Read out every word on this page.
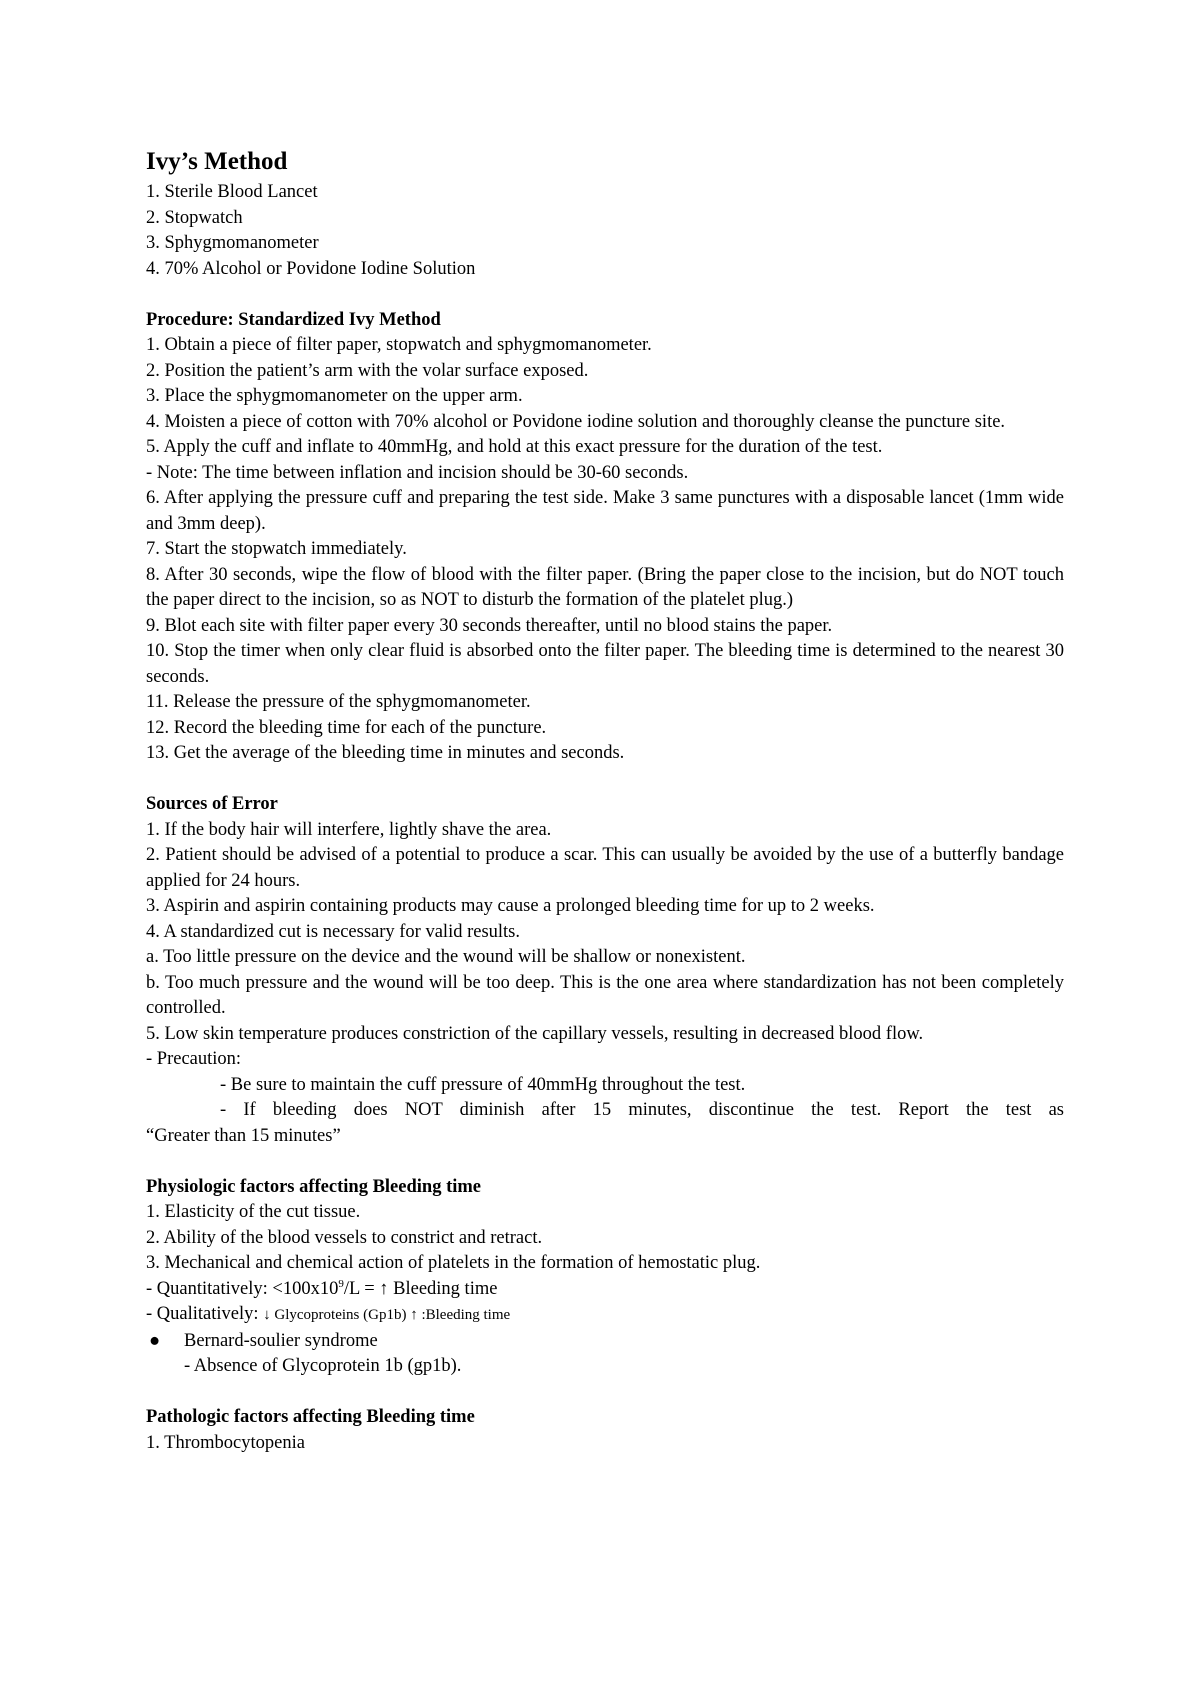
Ivy’s Method
1. Sterile Blood Lancet
2. Stopwatch
3. Sphygmomanometer
4. 70% Alcohol or Povidone Iodine Solution
Procedure: Standardized Ivy Method
1. Obtain a piece of filter paper, stopwatch and sphygmomanometer.
2. Position the patient’s arm with the volar surface exposed.
3. Place the sphygmomanometer on the upper arm.
4. Moisten a piece of cotton with 70% alcohol or Povidone iodine solution and thoroughly cleanse the puncture site.
5. Apply the cuff and inflate to 40mmHg, and hold at this exact pressure for the duration of the test.
- Note: The time between inflation and incision should be 30-60 seconds.
6. After applying the pressure cuff and preparing the test side. Make 3 same punctures with a disposable lancet (1mm wide and 3mm deep).
7. Start the stopwatch immediately.
8. After 30 seconds, wipe the flow of blood with the filter paper. (Bring the paper close to the incision, but do NOT touch the paper direct to the incision, so as NOT to disturb the formation of the platelet plug.)
9. Blot each site with filter paper every 30 seconds thereafter, until no blood stains the paper.
10. Stop the timer when only clear fluid is absorbed onto the filter paper. The bleeding time is determined to the nearest 30 seconds.
11. Release the pressure of the sphygmomanometer.
12. Record the bleeding time for each of the puncture.
13. Get the average of the bleeding time in minutes and seconds.
Sources of Error
1. If the body hair will interfere, lightly shave the area.
2. Patient should be advised of a potential to produce a scar. This can usually be avoided by the use of a butterfly bandage applied for 24 hours.
3. Aspirin and aspirin containing products may cause a prolonged bleeding time for up to 2 weeks.
4. A standardized cut is necessary for valid results.
a. Too little pressure on the device and the wound will be shallow or nonexistent.
b. Too much pressure and the wound will be too deep. This is the one area where standardization has not been completely controlled.
5. Low skin temperature produces constriction of the capillary vessels, resulting in decreased blood flow.
- Precaution:
- Be sure to maintain the cuff pressure of 40mmHg throughout the test.
- If bleeding does NOT diminish after 15 minutes, discontinue the test. Report the test as
“Greater than 15 minutes”
Physiologic factors affecting Bleeding time
1. Elasticity of the cut tissue.
2. Ability of the blood vessels to constrict and retract.
3. Mechanical and chemical action of platelets in the formation of hemostatic plug.
- Quantitatively: $<100x10^9/L$ = ↑ Bleeding time
- Qualitatively: ↓ Glycoproteins (Gp1b) ↑ :Bleeding time
● Bernard-soulier syndrome
- Absence of Glycoprotein 1b (gp1b).
Pathologic factors affecting Bleeding time
1. Thrombocytopenia
